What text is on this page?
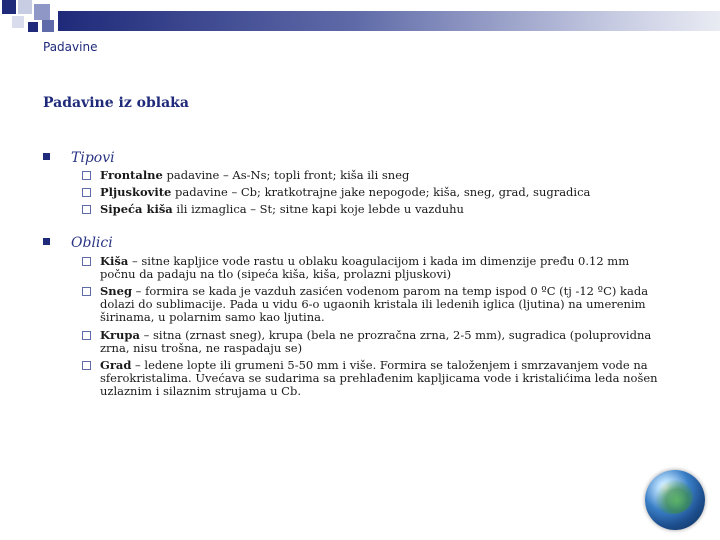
Padavine
Padavine iz oblaka
Tipovi
Frontalne padavine – As-Ns; topli front; kiša ili sneg
Pljuskovite padavine – Cb; kratkotrajne jake nepogode; kiša, sneg, grad, sugradica
Sipeća kiša ili izmaglica – St; sitne kapi koje lebde u vazduhu
Oblici
Kiša – sitne kapljice vode rastu u oblaku koagulacijom i kada im dimenzije pređu 0.12 mm počnu da padaju na tlo (sipeća kiša, kiša, prolazni pljuskovi)
Sneg – formira se kada je vazduh zasićen vodenom parom na temp ispod 0 ºC (tj -12 ºC) kada dolazi do sublimacije. Pada u vidu 6-o ugaonih kristala ili ledenih iglica (ljutina) na umerenim širinama, u polarnim samo kao ljutina.
Krupa – sitna (zrnast sneg), krupa (bela ne prozračna zrna, 2-5 mm), sugradica (poluprovidna zrna, nisu trošna, ne raspadaju se)
Grad – ledene lopte ili grumeni 5-50 mm i više. Formira se taloženjem i smrzavanjem vode na sferokristalima. Uvećava se sudarima sa prehlađenim kapljicama vode i kristalićima leda nošen uzlaznim i silaznim strujama u Cb.
